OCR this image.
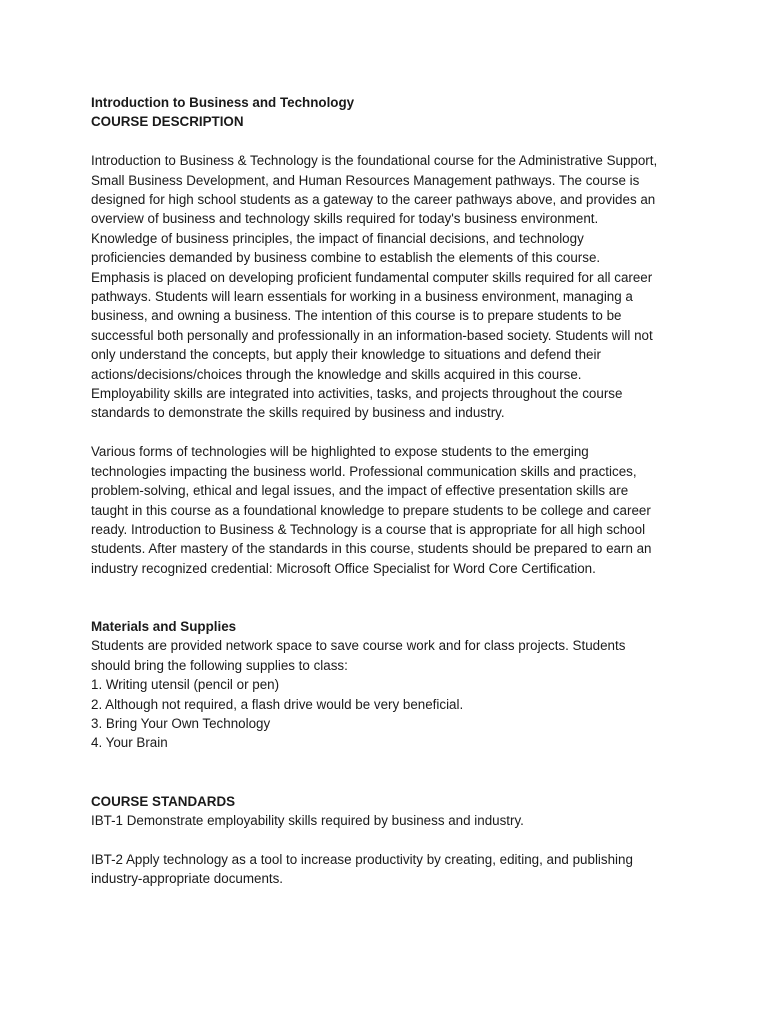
Introduction to Business and Technology
COURSE DESCRIPTION
Introduction to Business & Technology is the foundational course for the Administrative Support,
Small Business Development, and Human Resources Management pathways. The course is
designed for high school students as a gateway to the career pathways above, and provides an
overview of business and technology skills required for today's business environment.
Knowledge of business principles, the impact of financial decisions, and technology
proficiencies demanded by business combine to establish the elements of this course.
Emphasis is placed on developing proficient fundamental computer skills required for all career
pathways. Students will learn essentials for working in a business environment, managing a
business, and owning a business. The intention of this course is to prepare students to be
successful both personally and professionally in an information-based society. Students will not
only understand the concepts, but apply their knowledge to situations and defend their
actions/decisions/choices through the knowledge and skills acquired in this course.
Employability skills are integrated into activities, tasks, and projects throughout the course
standards to demonstrate the skills required by business and industry.
Various forms of technologies will be highlighted to expose students to the emerging
technologies impacting the business world. Professional communication skills and practices,
problem-solving, ethical and legal issues, and the impact of effective presentation skills are
taught in this course as a foundational knowledge to prepare students to be college and career
ready. Introduction to Business & Technology is a course that is appropriate for all high school
students. After mastery of the standards in this course, students should be prepared to earn an
industry recognized credential: Microsoft Office Specialist for Word Core Certification.
Materials and Supplies
Students are provided network space to save course work and for class projects. Students
should bring the following supplies to class:
1. Writing utensil (pencil or pen)
2. Although not required, a flash drive would be very beneficial.
3. Bring Your Own Technology
4. Your Brain
COURSE STANDARDS
IBT-1 Demonstrate employability skills required by business and industry.
IBT-2 Apply technology as a tool to increase productivity by creating, editing, and publishing
industry-appropriate documents.
